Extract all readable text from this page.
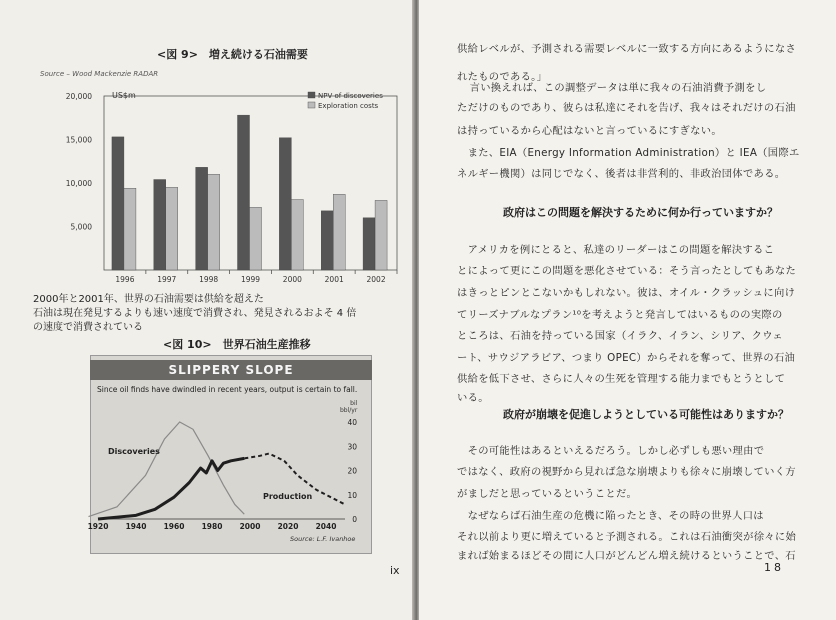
<図 9>　増え続ける石油需要
Source – Wood Mackenzie RADAR
5,000
10,000
15,000
20,000	US$m
1996	1997	1998	1999	2000	2001	2002
NPV of discoveries
Exploration costs
2000年と2001年、世界の石油需要は供給を超えた
石油は現在発見するよりも速い速度で消費され、発見されるおよそ 4 倍
の速度で消費されている
<図 10>　世界石油生産推移
SLIPPERY SLOPE
Since oil finds have dwindled in recent years, output is certain to fall.
1920 1940 1960 1980 2000 2020 2040
0
10
20
30
40
bil
bbl/yr
Discoveries
Production
Source: L.F. Ivanhoe
ix
供給レベルが、予測される需要レベルに一致する方向にあるようになさ
れたものである。」
　言い換えれば、この調整データは単に我々の石油消費予測をし
ただけのものであり、彼らは私達にそれを告げ、我々はそれだけの石油
は持っているから心配はないと言っているにすぎない。
　また、EIA（Energy Information Administration）と IEA（国際エ
ネルギー機関）は同じでなく、後者は非営利的、非政治団体である。
政府はこの問題を解決するために何か行っていますか？
　アメリカを例にとると、私達のリーダーはこの問題を解決するこ
とによって更にこの問題を悪化させている：そう言ったとしてもあなた
はきっとピンとこないかもしれない。彼は、オイル・クラッシュに向け
てリーズナブルなプラン¹⁰を考えようと発言してはいるものの実際の
ところは、石油を持っている国家（イラク、イラン、シリア、クウェ
ート、サウジアラビア、つまり OPEC）からそれを奪って、世界の石油
供給を低下させ、さらに人々の生死を管理する能力までもとうとして
いる。
政府が崩壊を促進しようとしている可能性はありますか？
　その可能性はあるといえるだろう。しかし必ずしも悪い理由で
ではなく、政府の視野から見れば急な崩壊よりも徐々に崩壊していく方
がましだと思っているということだ。
　なぜならば石油生産の危機に陥ったとき、その時の世界人口は
それ以前より更に増えていると予測される。これは石油衝突が徐々に始
まれば始まるほどその間に人口がどんどん増え続けるということで、石
18
